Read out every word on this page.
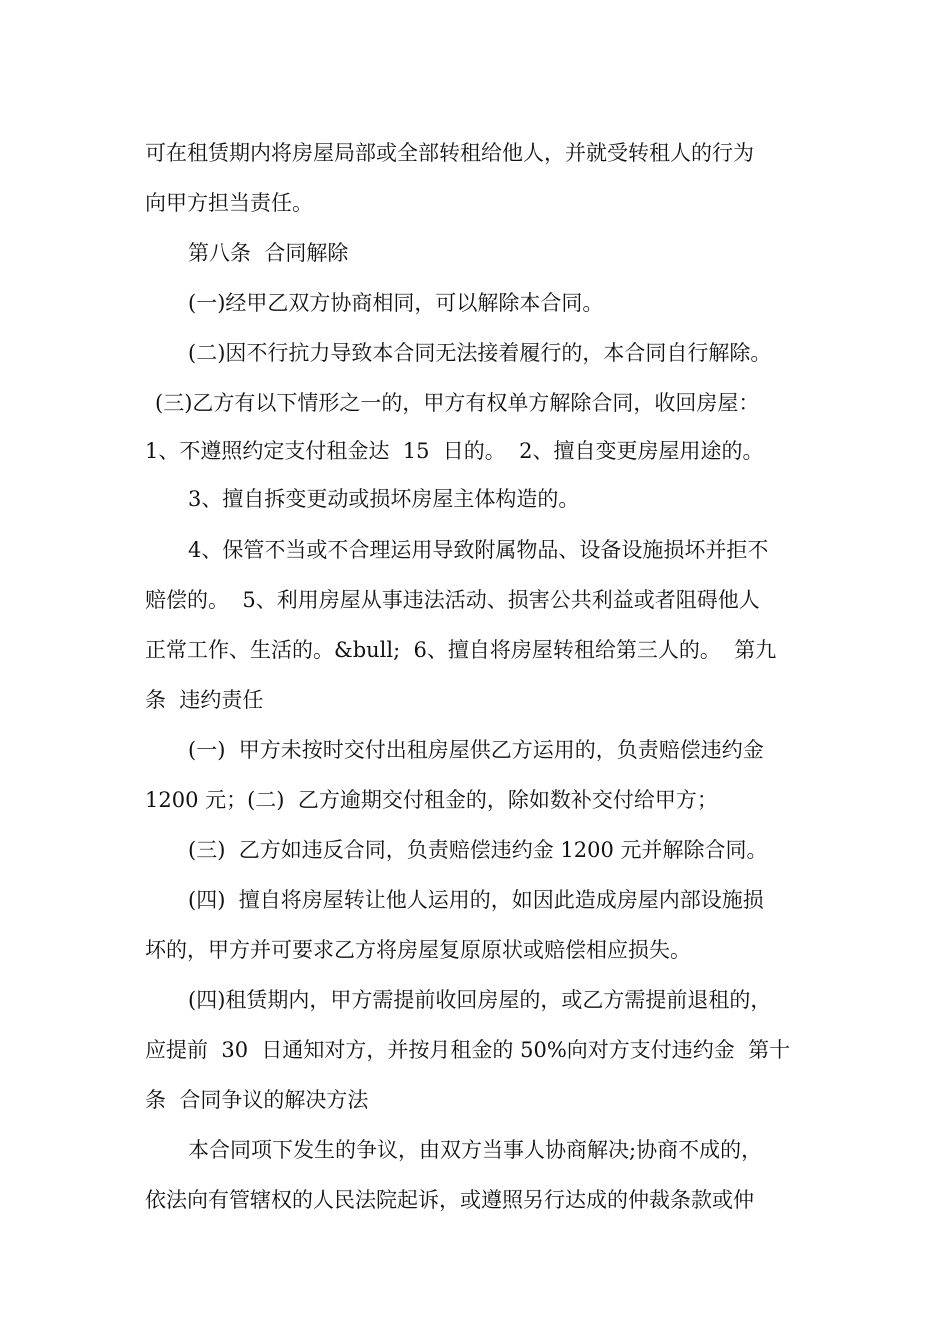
可在租赁期内将房屋局部或全部转租给他人，并就受转租人的行为
向甲方担当责任。
第八条  合同解除
(一)经甲乙双方协商相同，可以解除本合同。
(二)因不行抗力导致本合同无法接着履行的，本合同自行解除。
(三)乙方有以下情形之一的，甲方有权单方解除合同，收回房屋：
1、不遵照约定支付租金达  15  日的。  2、擅自变更房屋用途的。
3、擅自拆变更动或损坏房屋主体构造的。
4、保管不当或不合理运用导致附属物品、设备设施损坏并拒不
赔偿的。  5、利用房屋从事违法活动、损害公共利益或者阻碍他人
正常工作、生活的。&bull;  6、擅自将房屋转租给第三人的。  第九
条  违约责任
(一)  甲方未按时交付出租房屋供乙方运用的，负责赔偿违约金
1200 元；(二)  乙方逾期交付租金的，除如数补交付给甲方；
(三)  乙方如违反合同，负责赔偿违约金 1200 元并解除合同。
(四)  擅自将房屋转让他人运用的，如因此造成房屋内部设施损
坏的，甲方并可要求乙方将房屋复原原状或赔偿相应损失。
(四)租赁期内，甲方需提前收回房屋的，或乙方需提前退租的，
应提前  30  日通知对方，并按月租金的 50%向对方支付违约金  第十
条  合同争议的解决方法
本合同项下发生的争议，由双方当事人协商解决;协商不成的，
依法向有管辖权的人民法院起诉，或遵照另行达成的仲裁条款或仲
